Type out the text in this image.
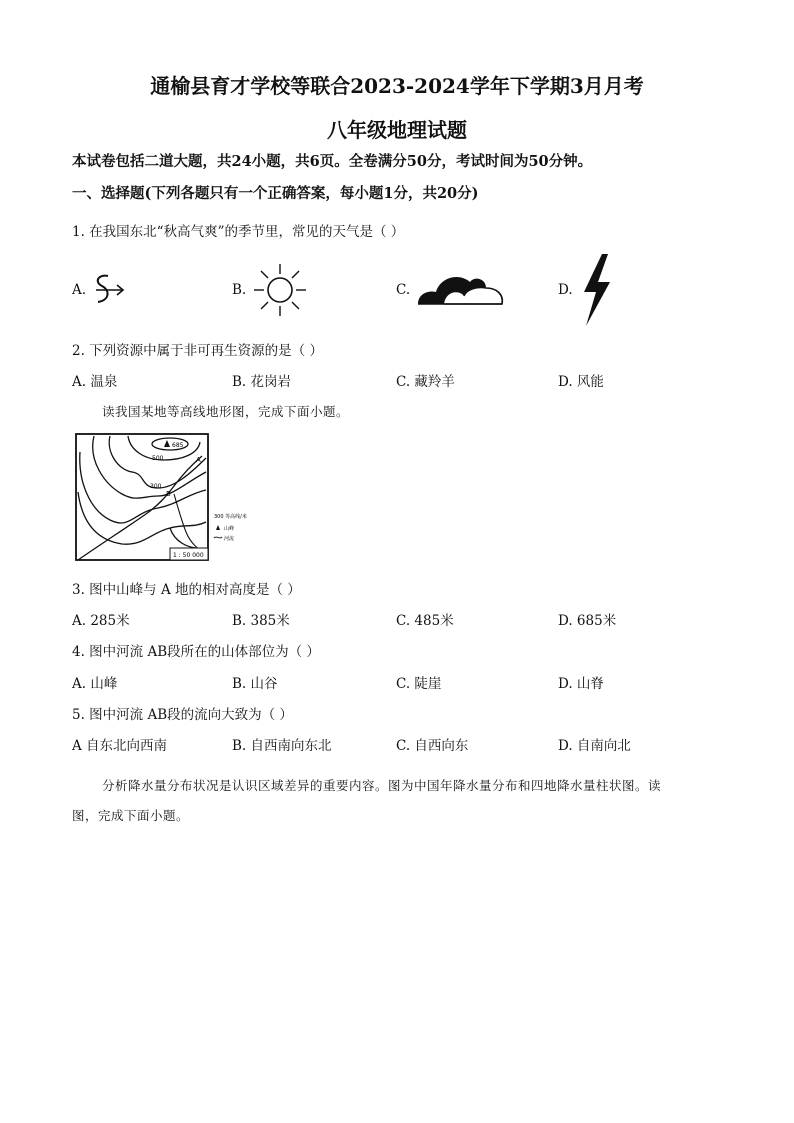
通榆县育才学校等联合2023-2024学年下学期3月月考
八年级地理试题
本试卷包括二道大题，共24小题，共6页。全卷满分50分，考试时间为50分钟。
一、选择题(下列各题只有一个正确答案，每小题1分，共20分)
1. 在我国东北“秋高气爽”的季节里，常见的天气是（ ）
A.	B.	C.	D.
2. 下列资源中属于非可再生资源的是（ ）
A. 温泉	B. 花岗岩	C. 藏羚羊	D. 风能
读我国某地等高线地形图，完成下面小题。
685
500
300
A
B
1 : 50 000
300 等高线/米
山峰
河流
3. 图中山峰与 A 地的相对高度是（ ）
A. 285米	B. 385米	C. 485米	D. 685米
4. 图中河流 AB段所在的山体部位为（ ）
A. 山峰	B. 山谷	C. 陡崖	D. 山脊
5. 图中河流 AB段的流向大致为（ ）
A 自东北向西南	B. 自西南向东北	C. 自西向东	D. 自南向北
分析降水量分布状况是认识区域差异的重要内容。图为中国年降水量分布和四地降水量柱状图。读
图，完成下面小题。
